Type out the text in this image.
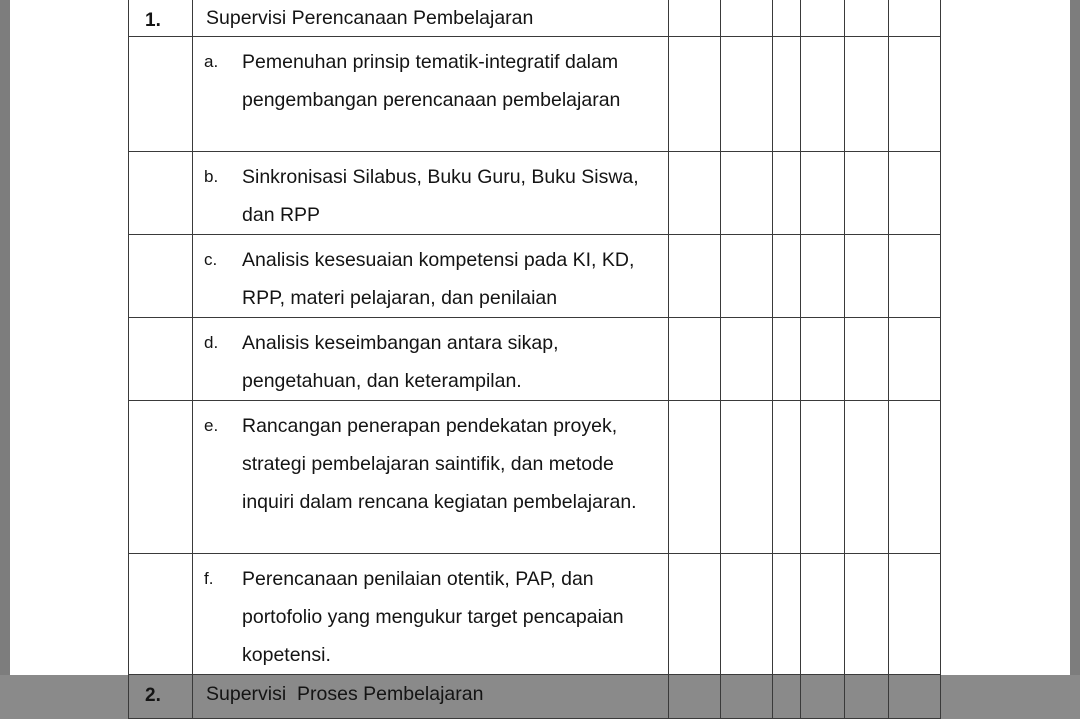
1.	Supervisi Perencanaan Pembelajaran						

	a. Pemenuhan prinsip tematik-integratif dalam pengembangan perencanaan pembelajaran						

	b. Sinkronisasi Silabus, Buku Guru, Buku Siswa, dan RPP						

	c. Analisis kesesuaian kompetensi pada KI, KD, RPP, materi pelajaran, dan penilaian						

	d. Analisis keseimbangan antara sikap, pengetahuan, dan keterampilan.						

	e. Rancangan penerapan pendekatan proyek, strategi pembelajaran saintifik, dan metode inquiri dalam rencana kegiatan pembelajaran.						

	f. Perencanaan penilaian otentik, PAP, dan portofolio yang mengukur target pencapaian kopetensi.						

2.	Supervisi  Proses Pembelajaran						
